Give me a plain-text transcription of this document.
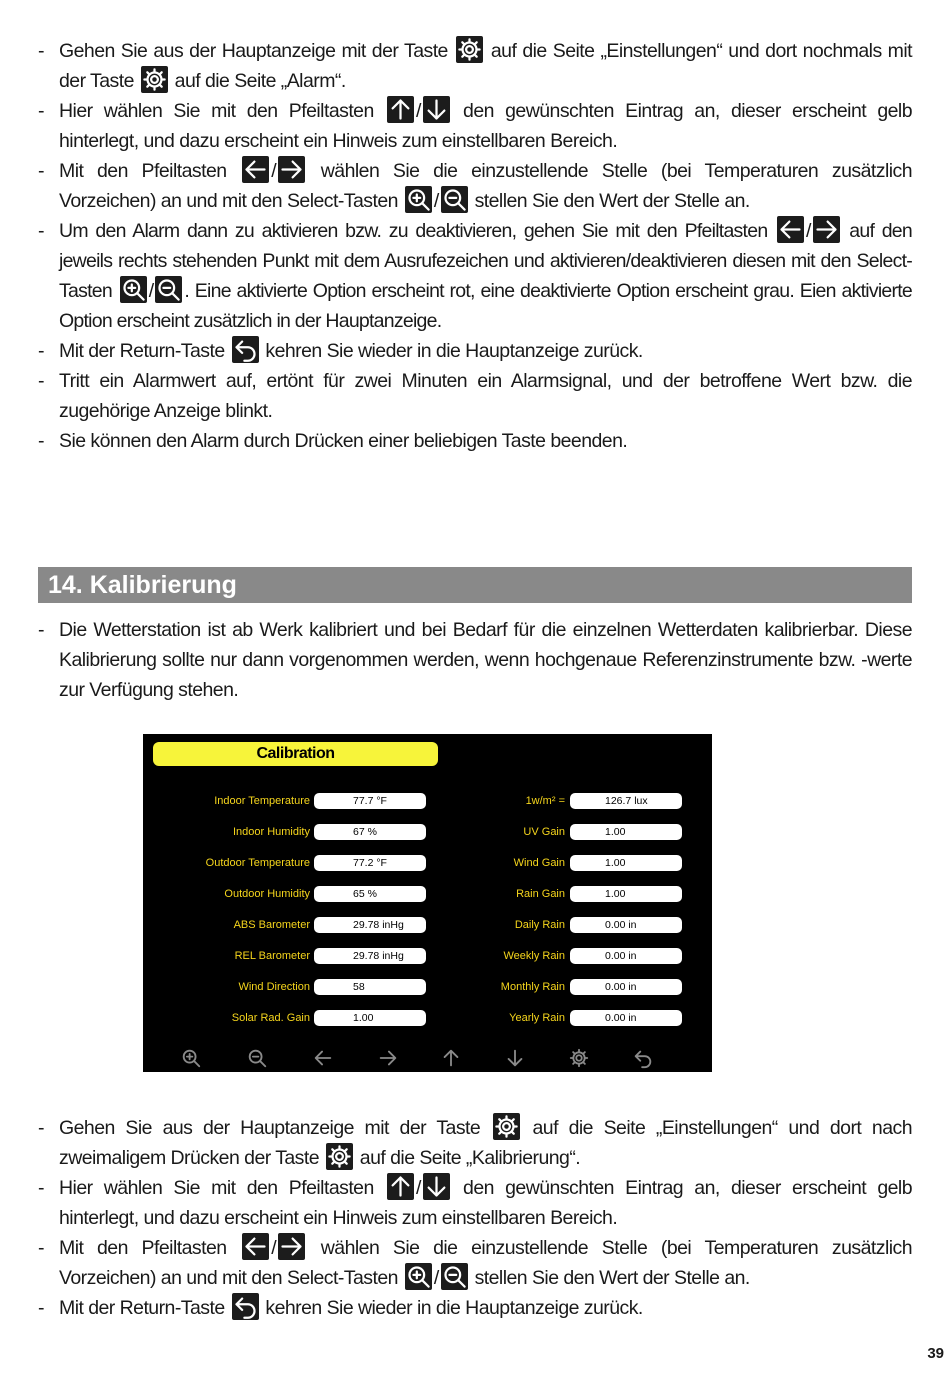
- Gehen Sie aus der Hauptanzeige mit der Taste
auf die Seite „Einstellungen“ und dort nochmals mit der Taste
auf die Seite „Alarm“.
- Hier wählen Sie mit den Pfeiltasten
/
den gewünschten Eintrag an, dieser erscheint gelb hinterlegt, und dazu erscheint ein Hinweis zum einstellbaren Bereich.
- Mit den Pfeiltasten
/
wählen Sie die einzustellende Stelle (bei Temperaturen zusätzlich Vorzeichen) an und mit den Select-Tasten
/
stellen Sie den Wert der Stelle an.
- Um den Alarm dann zu aktivieren bzw. zu deaktivieren, gehen Sie mit den Pfeiltasten
/
auf den jeweils rechts stehenden Punkt mit dem Ausrufezeichen und aktivieren/deaktivieren diesen mit den Select-Tasten
/ . Eine aktivierte Option erscheint rot, eine deaktivierte Option erscheint grau. Eien aktivierte Option erscheint zusätzlich in der Hauptanzeige.
- Mit der Return-Taste
kehren Sie wieder in die Hauptanzeige zurück.
- Tritt ein Alarmwert auf, ertönt für zwei Minuten ein Alarmsignal, und der betroffene Wert bzw. die zugehörige Anzeige blinkt.
- Sie können den Alarm durch Drücken einer beliebigen Taste beenden.
14. Kalibrierung
- Die Wetterstation ist ab Werk kalibriert und bei Bedarf für die einzelnen Wetterdaten kalibrierbar. Diese Kalibrierung sollte nur dann vorgenommen werden, wenn hochgenaue Referenzinstrumente bzw. -werte zur Verfügung stehen.
Calibration
Indoor Temperature	77.7 °F
Indoor Humidity	67 %
Outdoor Temperature	77.2 °F
Outdoor Humidity	65 %
ABS Barometer	29.78 inHg
REL Barometer	29.78 inHg
Wind Direction	58
Solar Rad. Gain	1.00
1w/m² =	126.7 lux
UV Gain	1.00
Wind Gain	1.00
Rain Gain	1.00
Daily Rain	0.00 in
Weekly Rain	0.00 in
Monthly Rain	0.00 in
Yearly Rain	0.00 in
- Gehen Sie aus der Hauptanzeige mit der Taste
auf die Seite „Einstellungen“ und dort nach zweimaligem Drücken der Taste
auf die Seite „Kalibrierung“.
- Hier wählen Sie mit den Pfeiltasten
/
den gewünschten Eintrag an, dieser erscheint gelb hinterlegt, und dazu erscheint ein Hinweis zum einstellbaren Bereich.
- Mit den Pfeiltasten
/
wählen Sie die einzustellende Stelle (bei Temperaturen zusätzlich Vorzeichen) an und mit den Select-Tasten
/
stellen Sie den Wert der Stelle an.
- Mit der Return-Taste
kehren Sie wieder in die Hauptanzeige zurück.
39
